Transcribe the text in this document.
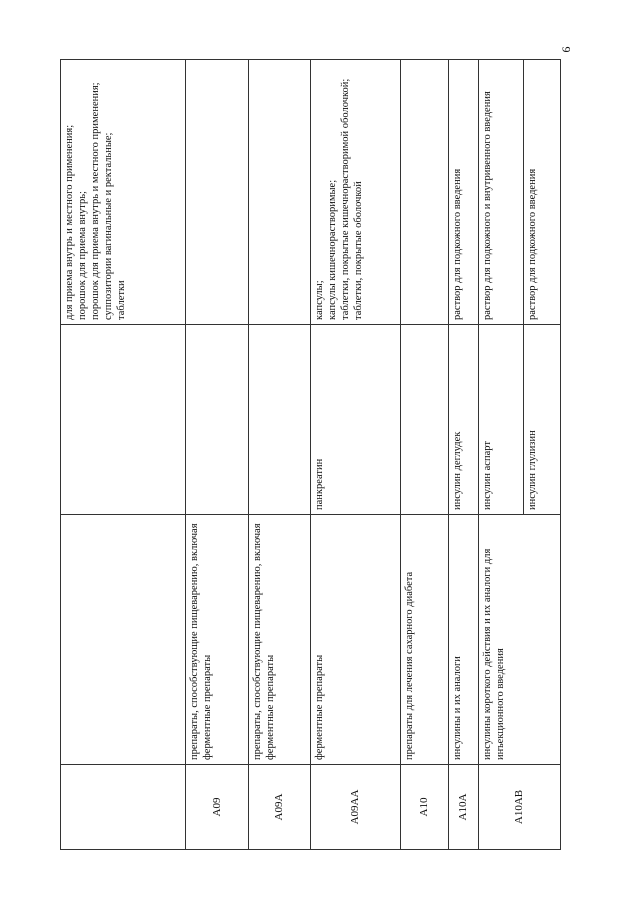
9

			для приема внутрь и местного применения; порошок для приема внутрь; порошок для приема внутрь и местного применения; суппозитории вагинальные и ректальные; таблетки

A09	препараты, способствующие пищеварению, включая ферментные препараты		
A09A	препараты, способствующие пищеварению, включая ферментные препараты		
A09AA	ферментные препараты	панкреатин	капсулы; капсулы кишечнорастворимые; таблетки, покрытые кишечнорастворимой оболочкой; таблетки, покрытые оболочкой

A10	препараты для лечения сахарного диабета		
A10A	инсулины и их аналоги	инсулин деглудек	раствор для подкожного введения

A10AB	инсулины короткого действия и их аналоги для инъекционного введения	инсулин аспарт	раствор для подкожного и внутривенного введения

		инсулин глулизин	раствор для подкожного введения
